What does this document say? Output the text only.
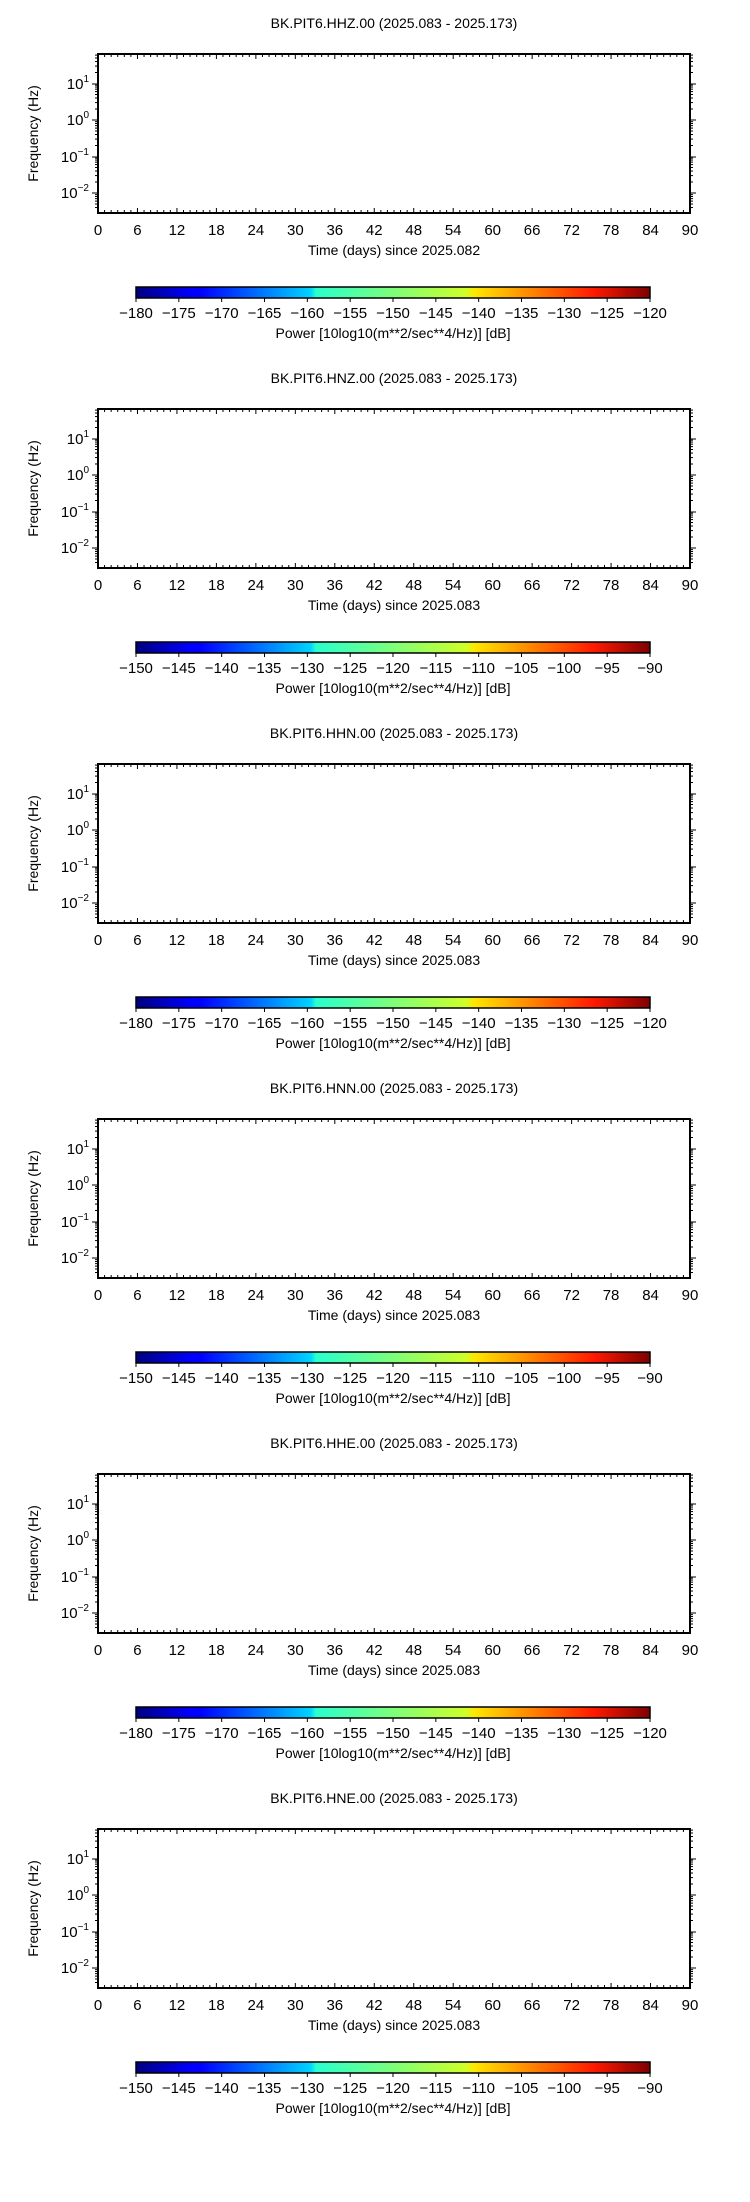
BK.PIT6.HHZ.00 (2025.083 - 2025.173)
0 6 12 18 24 30 36 42 48 54 60 66 72 78 84 90
Time (days) since 2025.082
$10^1$
$10^0$
$10^{-1}$
$10^{-2}$
Frequency (Hz)
−180 −175 −170 −165 −160 −155 −150 −145 −140 −135 −130 −125 −120
Power [10log10(m**2/sec**4/Hz)] [dB]
BK.PIT6.HNZ.00 (2025.083 - 2025.173)
0 6 12 18 24 30 36 42 48 54 60 66 72 78 84 90
Time (days) since 2025.083
$10^1$
$10^0$
$10^{-1}$
$10^{-2}$
Frequency (Hz)
−150 −145 −140 −135 −130 −125 −120 −115 −110 −105 −100 −95 −90
Power [10log10(m**2/sec**4/Hz)] [dB]
BK.PIT6.HHN.00 (2025.083 - 2025.173)
0 6 12 18 24 30 36 42 48 54 60 66 72 78 84 90
Time (days) since 2025.083
$10^1$
$10^0$
$10^{-1}$
$10^{-2}$
Frequency (Hz)
−180 −175 −170 −165 −160 −155 −150 −145 −140 −135 −130 −125 −120
Power [10log10(m**2/sec**4/Hz)] [dB]
BK.PIT6.HNN.00 (2025.083 - 2025.173)
0 6 12 18 24 30 36 42 48 54 60 66 72 78 84 90
Time (days) since 2025.083
$10^1$
$10^0$
$10^{-1}$
$10^{-2}$
Frequency (Hz)
−150 −145 −140 −135 −130 −125 −120 −115 −110 −105 −100 −95 −90
Power [10log10(m**2/sec**4/Hz)] [dB]
BK.PIT6.HHE.00 (2025.083 - 2025.173)
0 6 12 18 24 30 36 42 48 54 60 66 72 78 84 90
Time (days) since 2025.083
$10^1$
$10^0$
$10^{-1}$
$10^{-2}$
Frequency (Hz)
−180 −175 −170 −165 −160 −155 −150 −145 −140 −135 −130 −125 −120
Power [10log10(m**2/sec**4/Hz)] [dB]
BK.PIT6.HNE.00 (2025.083 - 2025.173)
0 6 12 18 24 30 36 42 48 54 60 66 72 78 84 90
Time (days) since 2025.083
$10^1$
$10^0$
$10^{-1}$
$10^{-2}$
Frequency (Hz)
−150 −145 −140 −135 −130 −125 −120 −115 −110 −105 −100 −95 −90
Power [10log10(m**2/sec**4/Hz)] [dB]
